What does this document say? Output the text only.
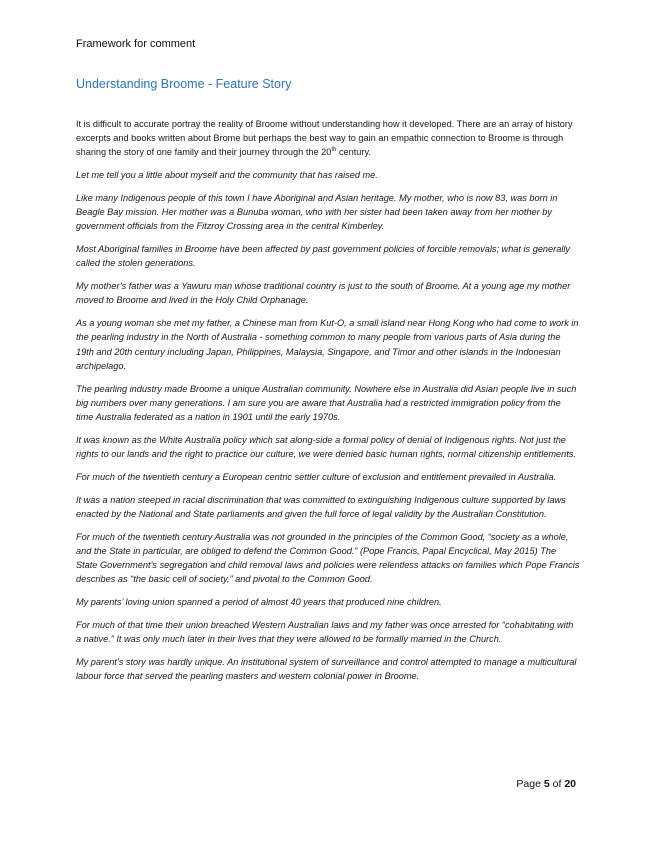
Framework for comment
Understanding Broome - Feature Story

It is difficult to accurate portray the reality of Broome without understanding how it developed. There are an array of history excerpts and books written about Brome but perhaps the best way to gain an empathic connection to Broome is through sharing the story of one family and their journey through the 20th century.

Let me tell you a little about myself and the community that has raised me.

Like many Indigenous people of this town I have Aboriginal and Asian heritage. My mother, who is now 83, was born in Beagle Bay mission. Her mother was a Bunuba woman, who with her sister had been taken away from her mother by government officials from the Fitzroy Crossing area in the central Kimberley.

Most Aboriginal families in Broome have been affected by past government policies of forcible removals; what is generally called the stolen generations.

My mother’s father was a Yawuru man whose traditional country is just to the south of Broome. At a young age my mother moved to Broome and lived in the Holy Child Orphanage.

As a young woman she met my father, a Chinese man from Kut-O, a small island near Hong Kong who had come to work in the pearling industry in the North of Australia - something common to many people from various parts of Asia during the 19th and 20th century including Japan, Philippines, Malaysia, Singapore, and Timor and other islands in the Indonesian archipelago.

The pearling industry made Broome a unique Australian community. Nowhere else in Australia did Asian people live in such big numbers over many generations. I am sure you are aware that Australia had a restricted immigration policy from the time Australia federated as a nation in 1901 until the early 1970s.

It was known as the White Australia policy which sat along-side a formal policy of denial of Indigenous rights. Not just the rights to our lands and the right to practice our culture, we were denied basic human rights, normal citizenship entitlements.

For much of the twentieth century a European centric settler culture of exclusion and entitlement prevailed in Australia.

It was a nation steeped in racial discrimination that was committed to extinguishing Indigenous culture supported by laws enacted by the National and State parliaments and given the full force of legal validity by the Australian Constitution.

For much of the twentieth century Australia was not grounded in the principles of the Common Good, “society as a whole, and the State in particular, are obliged to defend the Common Good.” (Pope Francis, Papal Encyclical, May 2015) The State Government’s segregation and child removal laws and policies were relentless attacks on families which Pope Francis describes as “the basic cell of society,” and pivotal to the Common Good.

My parents’ loving union spanned a period of almost 40 years that produced nine children.

For much of that time their union breached Western Australian laws and my father was once arrested for “cohabitating with a native.” It was only much later in their lives that they were allowed to be formally married in the Church.

My parent’s story was hardly unique. An institutional system of surveillance and control attempted to manage a multicultural labour force that served the pearling masters and western colonial power in Broome.

Page 5 of 20
